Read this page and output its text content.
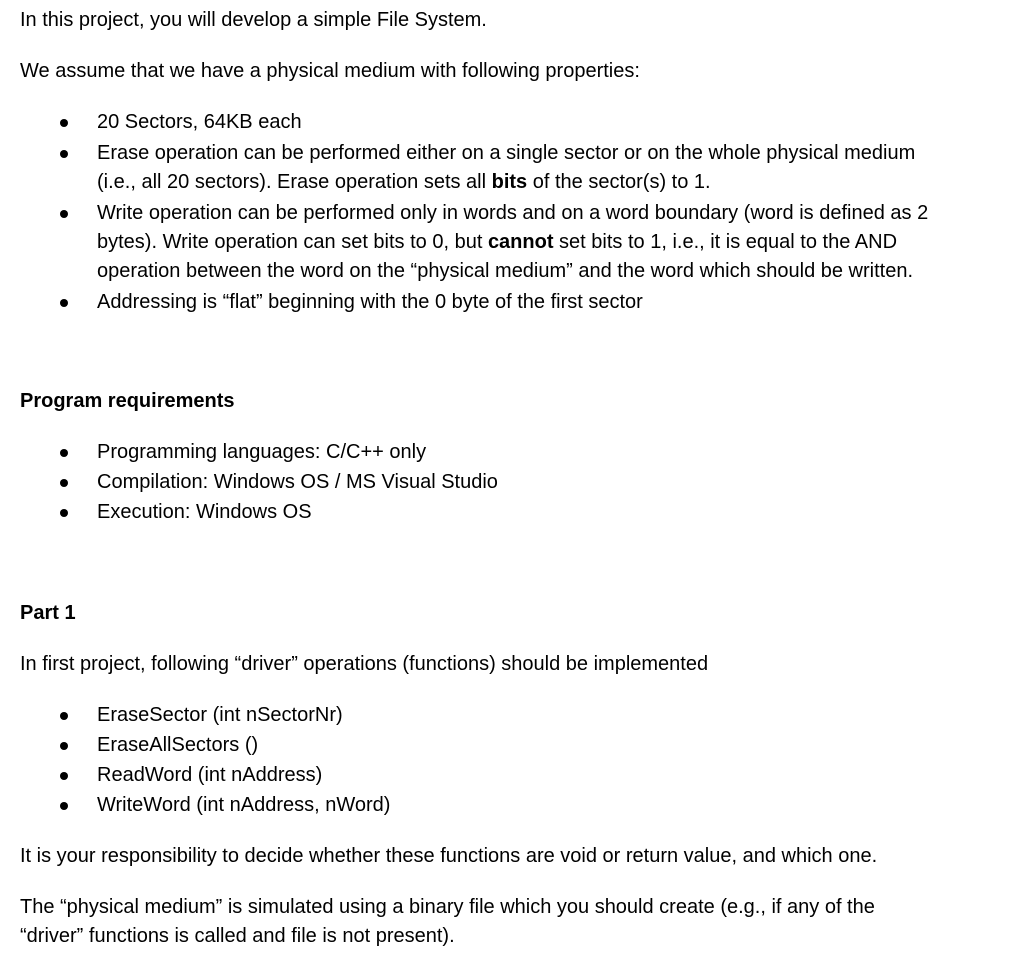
In this project, you will develop a simple File System.

We assume that we have a physical medium with following properties:

20 Sectors, 64KB each
Erase operation can be performed either on a single sector or on the whole physical medium
(i.e., all 20 sectors). Erase operation sets all bits of the sector(s) to 1.
Write operation can be performed only in words and on a word boundary (word is defined as 2
bytes). Write operation can set bits to 0, but cannot set bits to 1, i.e., it is equal to the AND
operation between the word on the “physical medium” and the word which should be written.
Addressing is “flat” beginning with the 0 byte of the first sector

Program requirements

Programming languages: C/C++ only
Compilation: Windows OS / MS Visual Studio
Execution: Windows OS

Part 1

In first project, following “driver” operations (functions) should be implemented

EraseSector (int nSectorNr)
EraseAllSectors ()
ReadWord (int nAddress)
WriteWord (int nAddress, nWord)

It is your responsibility to decide whether these functions are void or return value, and which one.

The “physical medium” is simulated using a binary file which you should create (e.g., if any of the

“driver” functions is called and file is not present).
